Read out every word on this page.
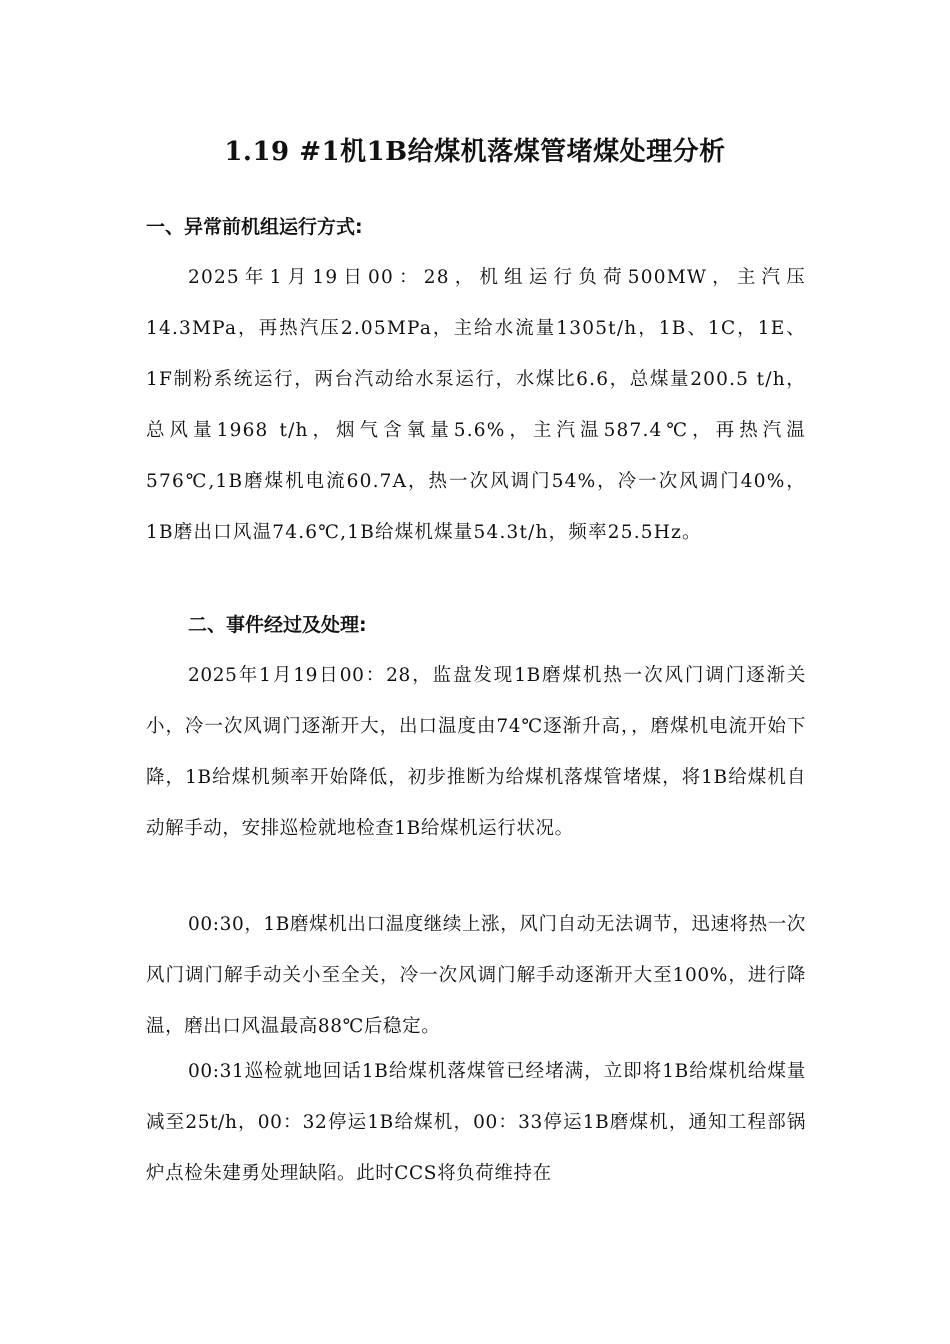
1.19 #1机1B给煤机落煤管堵煤处理分析
一、异常前机组运行方式:

2025年1月19日00：28，机组运行负荷500MW，主汽压14.3MPa，再热汽压2.05MPa，主给水流量1305t/h，1B、1C，1E、1F制粉系统运行，两台汽动给水泵运行，水煤比6.6，总煤量200.5 t/h，总风量1968 t/h，烟气含氧量5.6%，主汽温587.4℃，再热汽温576℃,1B磨煤机电流60.7A，热一次风调门54%，冷一次风调门40%，1B磨出口风温74.6℃,1B给煤机煤量54.3t/h，频率25.5Hz。

二、事件经过及处理:

2025年1月19日00：28，监盘发现1B磨煤机热一次风门调门逐渐关小，冷一次风调门逐渐开大，出口温度由74℃逐渐升高，，磨煤机电流开始下降，1B给煤机频率开始降低，初步推断为给煤机落煤管堵煤，将1B给煤机自动解手动，安排巡检就地检查1B给煤机运行状况。

00:30，1B磨煤机出口温度继续上涨，风门自动无法调节，迅速将热一次风门调门解手动关小至全关，冷一次风调门解手动逐渐开大至100%，进行降温，磨出口风温最高88℃后稳定。

00:31巡检就地回话1B给煤机落煤管已经堵满，立即将1B给煤机给煤量减至25t/h，00：32停运1B给煤机，00：33停运1B磨煤机，通知工程部锅炉点检朱建勇处理缺陷。此时CCS将负荷维持在
